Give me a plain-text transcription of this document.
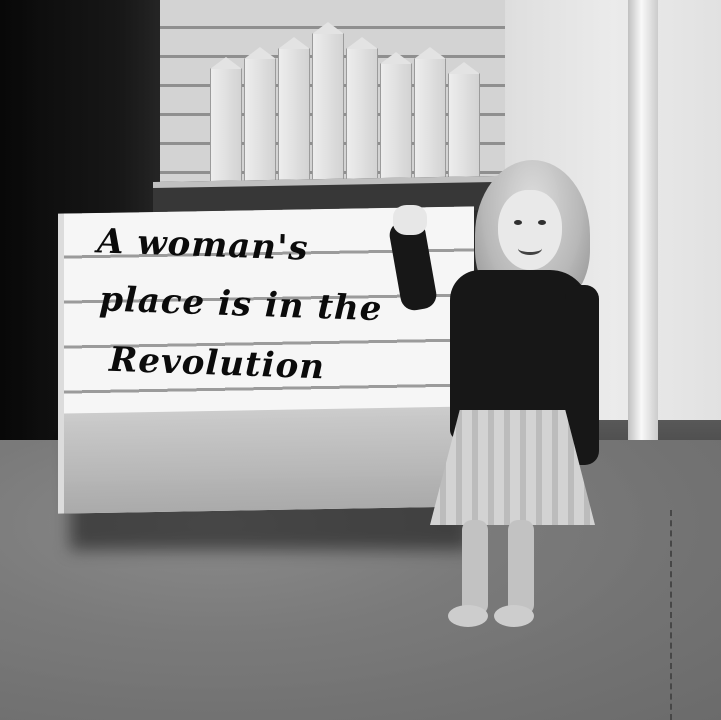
A woman's
place is in the
Revolution
